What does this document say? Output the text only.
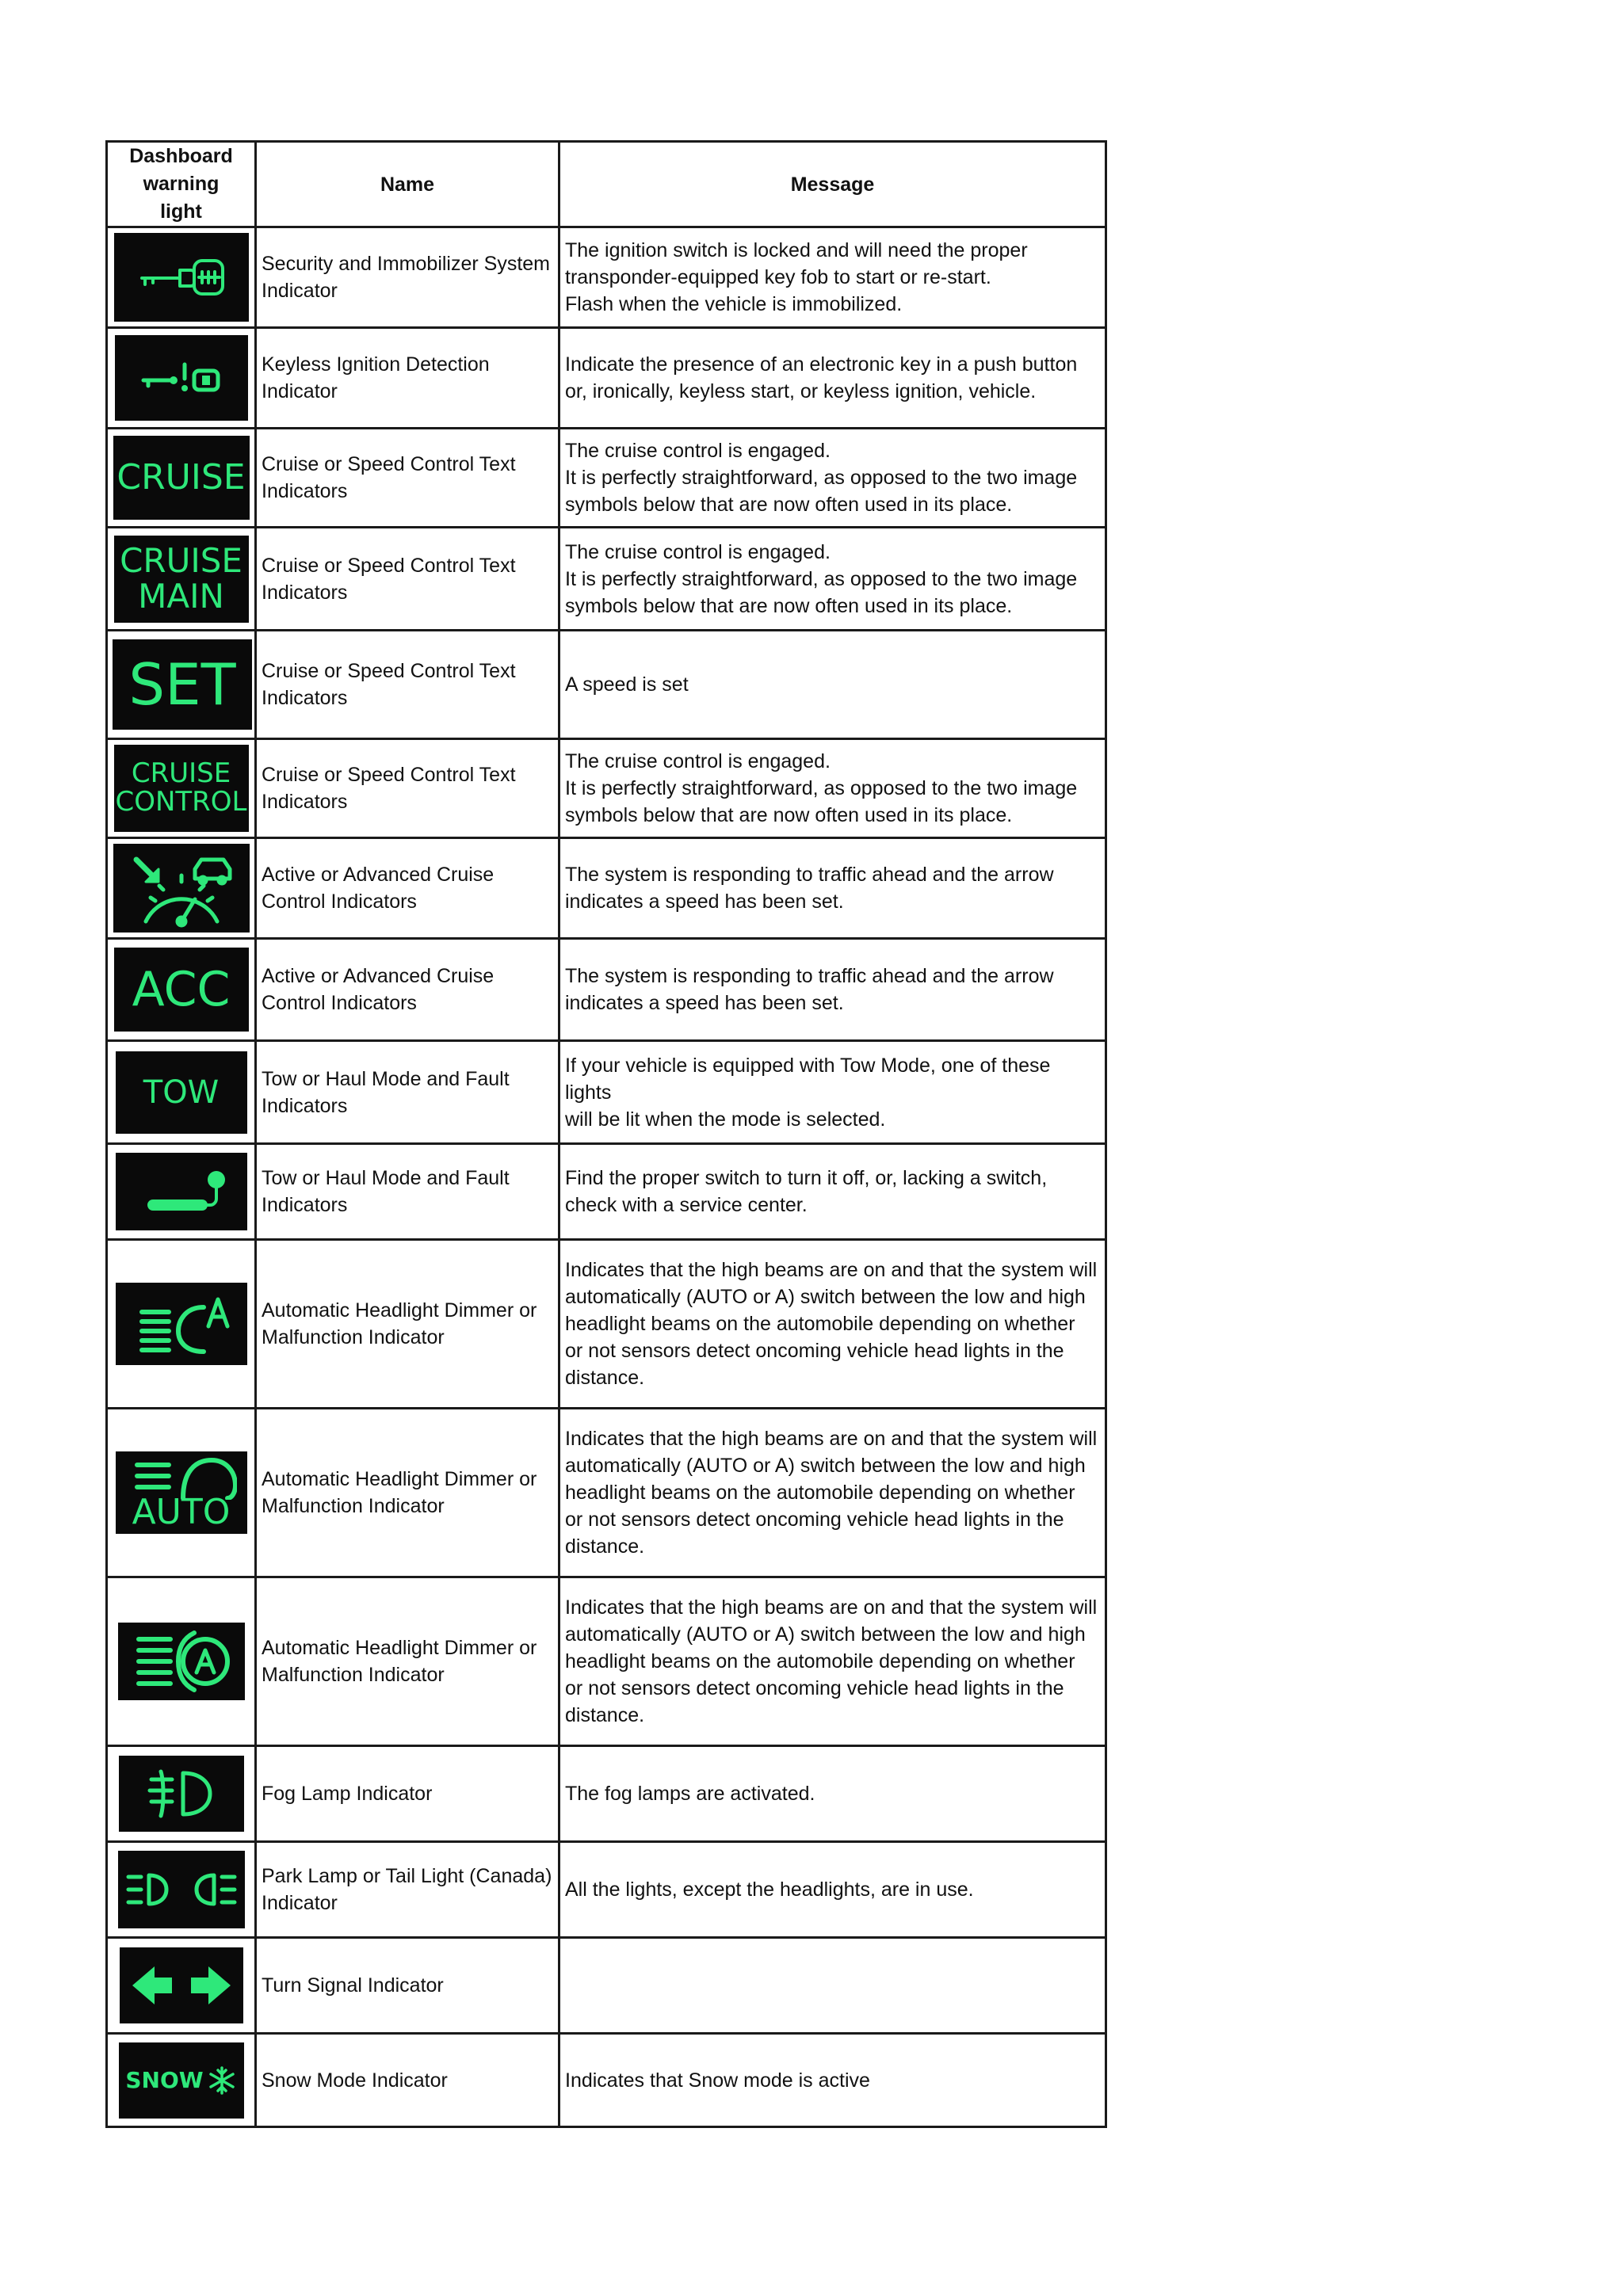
Dashboard warning light	Name	Message

	Security and Immobilizer System Indicator	The ignition switch is locked and will need the proper
transponder-equipped key fob to start or re-start.
Flash when the vehicle is immobilized.

	Keyless Ignition Detection Indicator	Indicate the presence of an electronic key in a push button
or, ironically, keyless start, or keyless ignition, vehicle.

CRUISE	Cruise or Speed Control Text Indicators	The cruise control is engaged.
It is perfectly straightforward, as opposed to the two image
symbols below that are now often used in its place.

CRUISE
MAIN	Cruise or Speed Control Text Indicators	The cruise control is engaged.
It is perfectly straightforward, as opposed to the two image
symbols below that are now often used in its place.

SET	Cruise or Speed Control Text Indicators	A speed is set

CRUISE
CONTROL	Cruise or Speed Control Text Indicators	The cruise control is engaged.
It is perfectly straightforward, as opposed to the two image
symbols below that are now often used in its place.

	Active or Advanced Cruise Control Indicators	The system is responding to traffic ahead and the arrow
indicates a speed has been set.

ACC	Active or Advanced Cruise Control Indicators	The system is responding to traffic ahead and the arrow
indicates a speed has been set.

TOW	Tow or Haul Mode and Fault Indicators	If your vehicle is equipped with Tow Mode, one of these lights
will be lit when the mode is selected.

	Tow or Haul Mode and Fault Indicators	Find the proper switch to turn it off, or, lacking a switch,
check with a service center.

	Automatic Headlight Dimmer or Malfunction Indicator	Indicates that the high beams are on and that the system will
automatically (AUTO or A) switch between the low and high
headlight beams on the automobile depending on whether
or not sensors detect oncoming vehicle head lights in the
distance.

AUTO	Automatic Headlight Dimmer or Malfunction Indicator	Indicates that the high beams are on and that the system will
automatically (AUTO or A) switch between the low and high
headlight beams on the automobile depending on whether
or not sensors detect oncoming vehicle head lights in the
distance.

	Automatic Headlight Dimmer or Malfunction Indicator	Indicates that the high beams are on and that the system will
automatically (AUTO or A) switch between the low and high
headlight beams on the automobile depending on whether
or not sensors detect oncoming vehicle head lights in the
distance.

	Fog Lamp Indicator	The fog lamps are activated.

	Park Lamp or Tail Light (Canada) Indicator	All the lights, except the headlights, are in use.

	Turn Signal Indicator	

SNOW	Snow Mode Indicator	Indicates that Snow mode is active
